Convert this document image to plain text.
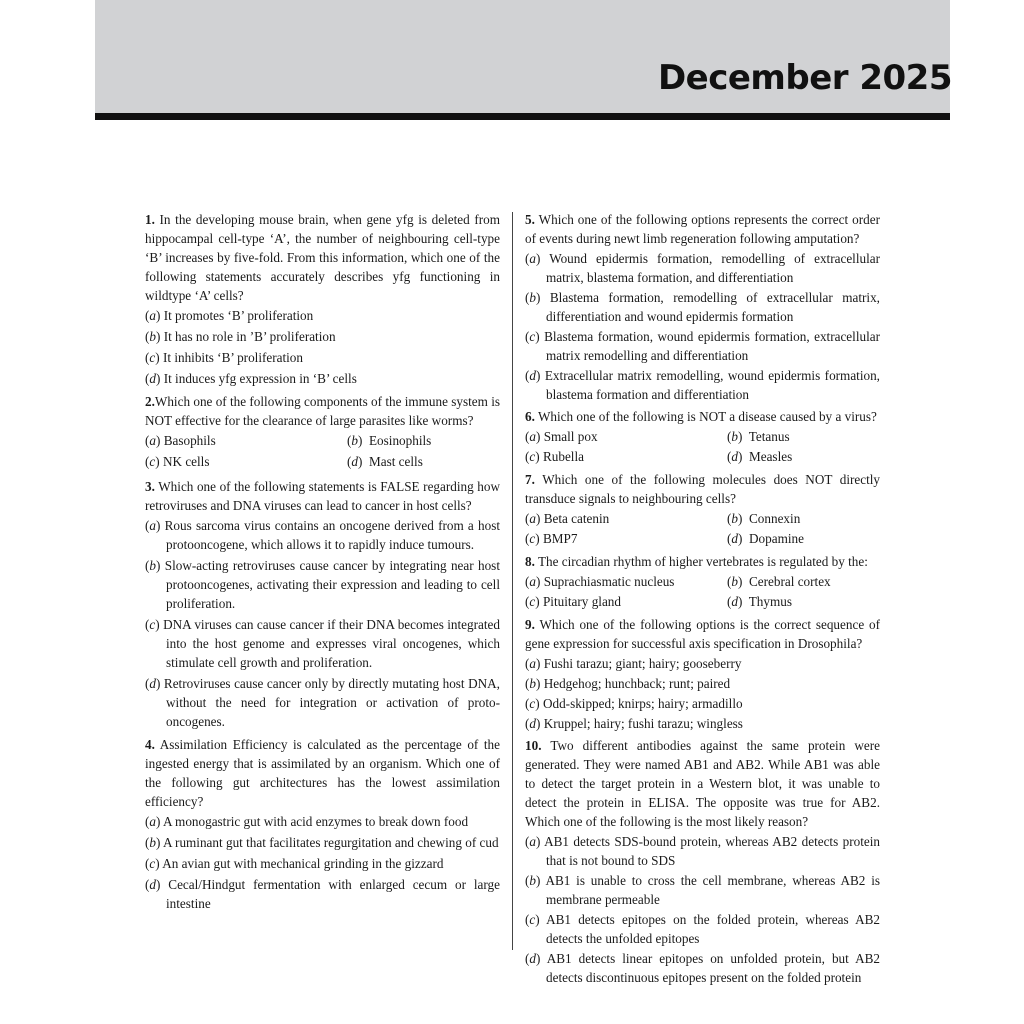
December 2025
1. In the developing mouse brain, when gene yfg is deleted from hippocampal cell-type ‘A’, the number of neighbouring cell-type ‘B’ increases by five-fold. From this information, which one of the following statements accurately describes yfg functioning in wildtype ‘A’ cells?
(a) It promotes ‘B’ proliferation
(b) It has no role in ’B’ proliferation
(c) It inhibits ‘B’ proliferation
(d) It induces yfg expression in ‘B’ cells
2.Which one of the following components of the immune system is NOT effective for the clearance of large parasites like worms?
(a) Basophils	(b)  Eosinophils
(c) NK cells	(d)  Mast cells
3. Which one of the following statements is FALSE regarding how retroviruses and DNA viruses can lead to cancer in host cells?
(a) Rous sarcoma virus contains an oncogene derived from a host protooncogene, which allows it to rapidly induce tumours.
(b) Slow-acting retroviruses cause cancer by integrating near host protooncogenes, activating their expression and leading to cell proliferation.
(c) DNA viruses can cause cancer if their DNA becomes integrated into the host genome and expresses viral oncogenes, which stimulate cell growth and proliferation.
(d) Retroviruses cause cancer only by directly mutating host DNA, without the need for integration or activation of proto-oncogenes.
4. Assimilation Efficiency is calculated as the percentage of the ingested energy that is assimilated by an organism. Which one of the following gut architectures has the lowest assimilation efficiency?
(a) A monogastric gut with acid enzymes to break down food
(b) A ruminant gut that facilitates regurgitation and chewing of cud
(c) An avian gut with mechanical grinding in the gizzard
(d) Cecal/Hindgut fermentation with enlarged cecum or large intestine
5. Which one of the following options represents the correct order of events during newt limb regeneration following amputation?
(a) Wound epidermis formation, remodelling of extracellular matrix, blastema formation, and differentiation
(b) Blastema formation, remodelling of extracellular matrix, differentiation and wound epidermis formation
(c) Blastema formation, wound epidermis formation, extracellular matrix remodelling and differentiation
(d) Extracellular matrix remodelling, wound epidermis formation, blastema formation and differentiation
6. Which one of the following is NOT a disease caused by a virus?
(a) Small pox	(b)  Tetanus
(c) Rubella	(d)  Measles
7. Which one of the following molecules does NOT directly transduce signals to neighbouring cells?
(a) Beta catenin	(b)  Connexin
(c) BMP7	(d)  Dopamine
8. The circadian rhythm of higher vertebrates is regulated by the:
(a) Suprachiasmatic nucleus	(b)  Cerebral cortex
(c) Pituitary gland	(d)  Thymus
9. Which one of the following options is the correct sequence of gene expression for successful axis specification in Drosophila?
(a) Fushi tarazu; giant; hairy; gooseberry
(b) Hedgehog; hunchback; runt; paired
(c) Odd-skipped; knirps; hairy; armadillo
(d) Kruppel; hairy; fushi tarazu; wingless
10. Two different antibodies against the same protein were generated. They were named AB1 and AB2. While AB1 was able to detect the target protein in a Western blot, it was unable to detect the protein in ELISA. The opposite was true for AB2. Which one of the following is the most likely reason?
(a) AB1 detects SDS-bound protein, whereas AB2 detects protein that is not bound to SDS
(b) AB1 is unable to cross the cell membrane, whereas AB2 is membrane permeable
(c) AB1 detects epitopes on the folded protein, whereas AB2 detects the unfolded epitopes
(d) AB1 detects linear epitopes on unfolded protein, but AB2 detects discontinuous epitopes present on the folded protein
